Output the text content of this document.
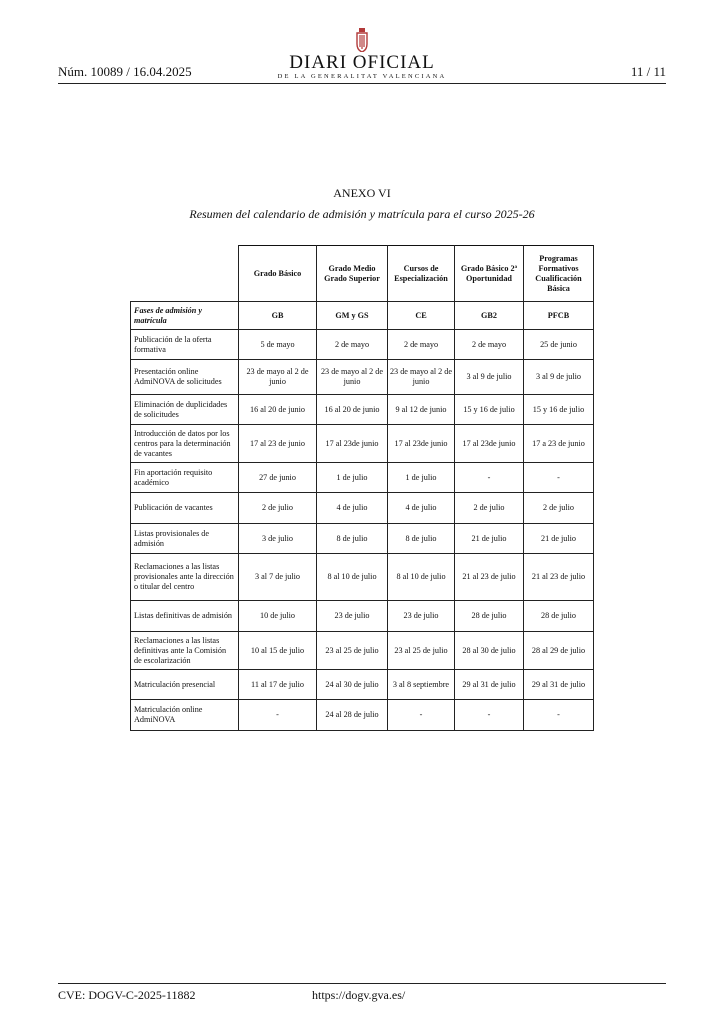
Núm. 10089 / 16.04.2025	DIARI OFICIAL
DE LA GENERALITAT VALENCIANA	11 / 11
ANEXO VI
Resumen del calendario de admisión y matrícula para el curso 2025-26
	Grado Básico	Grado Medio Grado Superior	Cursos de Especialización	Grado Básico 2ª Oportunidad	Programas Formativos Cualificación Básica
Fases de admisión y matrícula	GB	GM y GS	CE	GB2	PFCB
Publicación de la oferta formativa	5 de mayo	2 de mayo	2 de mayo	2 de mayo	25 de junio
Presentación online AdmiNOVA de solicitudes	23 de mayo al 2 de junio	23 de mayo al 2 de junio	23 de mayo al 2 de junio	3 al 9 de julio	3 al 9 de julio
Eliminación de duplicidades de solicitudes	16 al 20 de junio	16 al 20 de junio	9 al 12 de junio	15 y 16 de julio	15 y 16 de julio
Introducción de datos por los centros para la determinación de vacantes	17 al 23 de junio	17 al 23de junio	17 al 23de junio	17 al 23de junio	17 a 23 de junio
Fin aportación requisito académico	27 de junio	1 de julio	1 de julio	-	-
Publicación de vacantes	2 de julio	4 de julio	4 de julio	2 de julio	2 de julio
Listas provisionales de admisión	3 de julio	8 de julio	8 de julio	21 de julio	21 de julio
Reclamaciones a las listas provisionales ante la dirección o titular del centro	3 al 7 de julio	8 al 10 de julio	8 al 10 de julio	21 al 23 de julio	21 al 23 de julio
Listas definitivas de admisión	10 de julio	23 de julio	23 de julio	28 de julio	28 de julio
Reclamaciones a las listas definitivas ante la Comisión de escolarización	10 al 15 de julio	23 al 25 de julio	23 al 25 de julio	28 al 30 de julio	28 al 29 de julio
Matriculación presencial	11 al 17 de julio	24 al 30 de julio	3 al 8 septiembre	29 al 31 de julio	29 al 31 de julio
Matriculación online AdmiNOVA	-	24 al 28 de julio	-	-	-
CVE: DOGV-C-2025-11882	https://dogv.gva.es/
